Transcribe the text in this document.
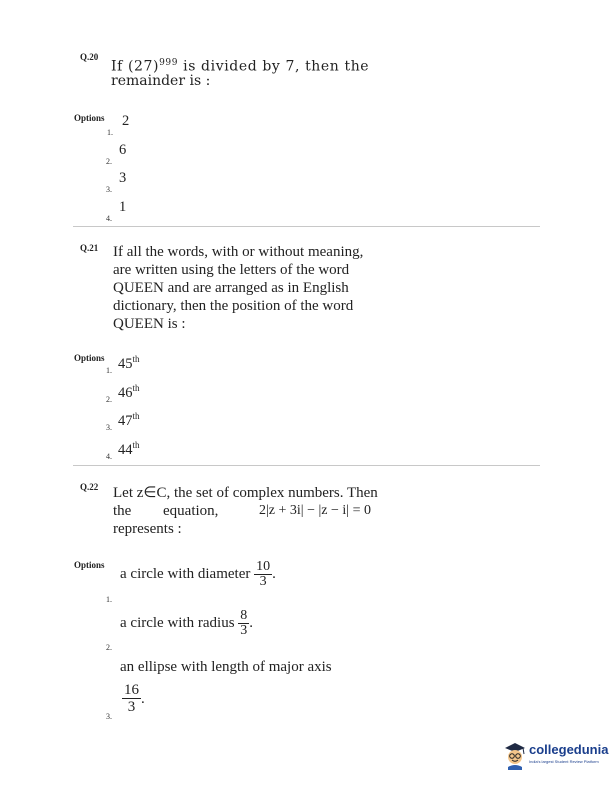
Q.20
If $(27)^{999}$ is divided by 7, then the
remainder is :
Options 2
1.
6
2.
3
3.
1
4.
Q.21 If all the words, with or without meaning,
are written using the letters of the word
QUEEN and are arranged as in English
dictionary, then the position of the word
QUEEN is :
Options 45th
1.
46th
2.
47th
3.
44th
4.
Q.22 Let z∈C, the set of complex numbers. Then
the equation,	2|z + 3i| − |z − i| = 0
represents :
Options
a circle with diameter $\frac{10}{3}$ .
1.
a circle with radius $\frac{8}{3}$ .
2.
an ellipse with length of major axis
$\frac{16}{3}$ .
3.
collegedunia
India's largest Student Review Platform
